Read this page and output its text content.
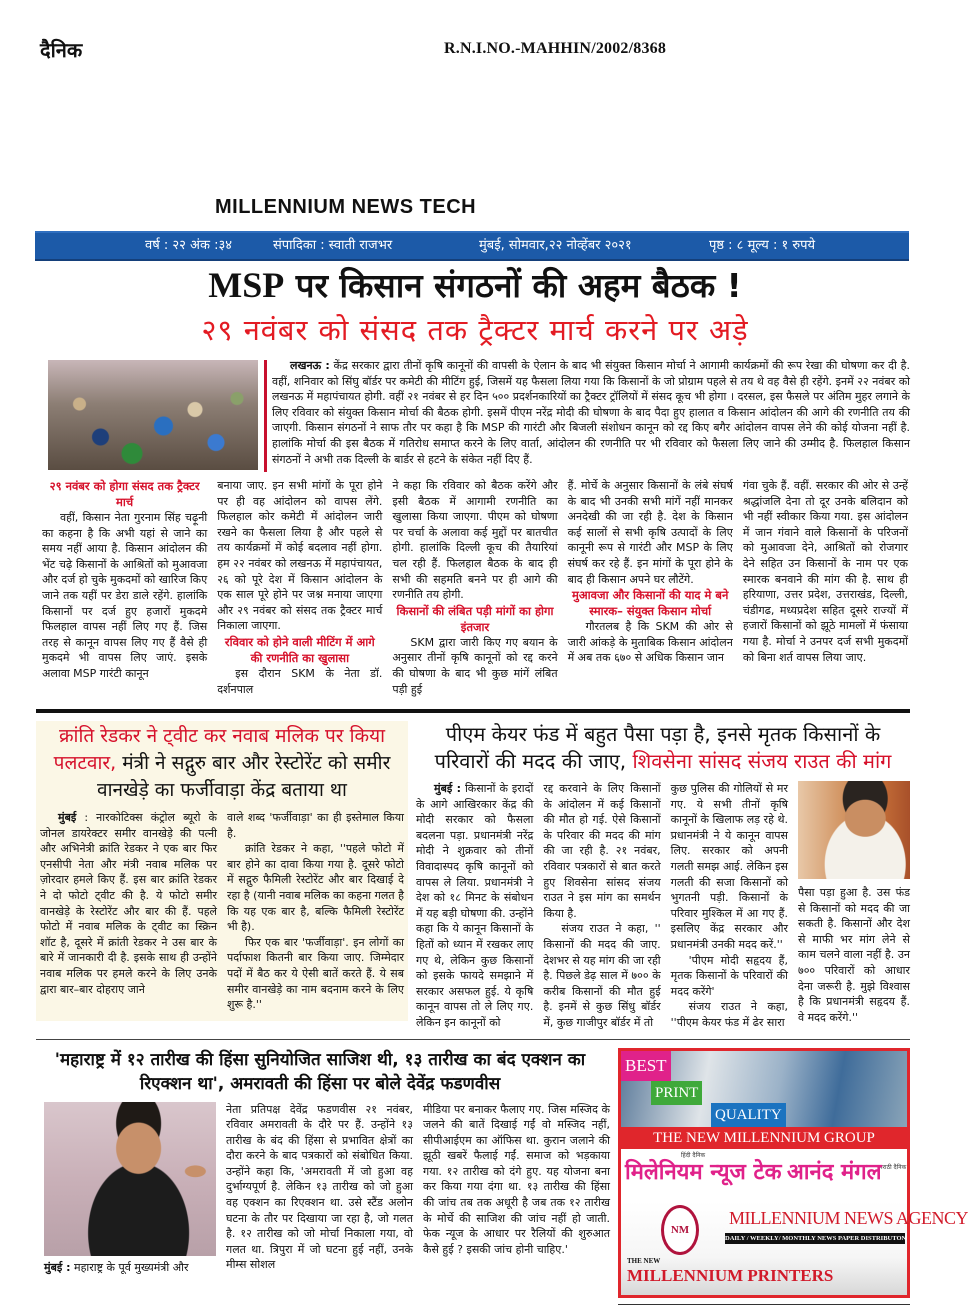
दैनिक	R.N.I.NO.-MAHHIN/2002/8368
MILLENNIUM NEWS TECH
वर्ष : २२ अंक :३४	संपादिका : स्वाती राजभर	मुंबई, सोमवार,२२ नोव्हेंबर २०२१	पृष्ठ : ८ मूल्य : १ रुपये
MSP पर किसान संगठनों की अहम बैठक !
२९ नवंबर को संसद तक ट्रैक्टर मार्च करने पर अड़े
लखनऊ : केंद्र सरकार द्वारा तीनों कृषि कानूनों की वापसी के ऐलान के बाद भी संयुक्त किसान मोर्चा ने आगामी कार्यक्रमों की रूप रेखा की घोषणा कर दी है. वहीं, शनिवार को सिंघु बॉर्डर पर कमेटी की मीटिंग हुई, जिसमें यह फैसला लिया गया कि किसानों के जो प्रोग्राम पहले से तय थे वह वैसे ही रहेंगे. इनमें २२ नवंबर को लखनऊ में महापंचायत होगी. वहीं २१ नवंबर से हर दिन ५०० प्रदर्शनकारियों का ट्रैक्टर ट्रॉलियों में संसद कूच भी होगा । दरसल, इस फैसले पर अंतिम मुहर लगाने के लिए रविवार को संयुक्त किसान मोर्चा की बैठक होगी. इसमें पीएम नरेंद्र मोदी की घोषणा के बाद पैदा हुए हालात व किसान आंदोलन की आगे की रणनीति तय की जाएगी. किसान संगठनों ने साफ तौर पर कहा है कि MSP की गारंटी और बिजली संशोधन कानून को रद्द किए बगैर आंदोलन वापस लेने की कोई योजना नहीं है. हालांकि मोर्चा की इस बैठक में गतिरोध समाप्त करने के लिए वार्ता, आंदोलन की रणनीति पर भी रविवार को फैसला लिए जाने की उम्मीद है. फिलहाल किसान संगठनों ने अभी तक दिल्ली के बार्डर से हटने के संकेत नहीं दिए हैं.
२९ नवंबर को होगा संसद तक ट्रैक्टर मार्च
वहीं, किसान नेता गुरनाम सिंह चढ़ूनी का कहना है कि अभी यहां से जाने का समय नहीं आया है. किसान आंदोलन की भेंट चढ़े किसानों के आश्रितों को मुआवजा और दर्ज हो चुके मुकदमों को खारिज किए जाने तक यहीं पर डेरा डाले रहेंगे. हालांकि किसानों पर दर्ज हुए हजारों मुकदमे फिलहाल वापस नहीं लिए गए हैं. जिस तरह से कानून वापस लिए गए हैं वैसे ही मुकदमे भी वापस लिए जाएं. इसके अलावा MSP गारंटी कानून
बनाया जाए. इन सभी मांगों के पूरा होने पर ही वह आंदोलन को वापस लेंगे. फिलहाल कोर कमेटी में आंदोलन जारी रखने का फैसला लिया है और पहले से तय कार्यक्रमों में कोई बदलाव नहीं होगा. हम २२ नवंबर को लखनऊ में महापंचायत, २६ को पूरे देश में किसान आंदोलन के एक साल पूरे होने पर जश्न मनाया जाएगा और २९ नवंबर को संसद तक ट्रैक्टर मार्च निकाला जाएगा.
रविवार को होने वाली मीटिंग में आगे की रणनीति का खुलासा
इस दौरान SKM के नेता डॉ. दर्शनपाल
ने कहा कि रविवार को बैठक करेंगे और इसी बैठक में आगामी रणनीति का खुलासा किया जाएगा. पीएम को घोषणा पर चर्चा के अलावा कई मुद्दों पर बातचीत होगी. हालांकि दिल्ली कूच की तैयारियां चल रही हैं. फिलहाल बैठक के बाद ही सभी की सहमति बनने पर ही आगे की रणनीति तय होगी.
किसानों की लंबित पड़ी मांगों का होगा इंतजार
SKM द्वारा जारी किए गए बयान के अनुसार तीनों कृषि कानूनों को रद्द करने की घोषणा के बाद भी कुछ मांगें लंबित पड़ी हुई
हैं. मोर्चे के अनुसार किसानों के लंबे संघर्ष के बाद भी उनकी सभी मांगें नहीं मानकर अनदेखी की जा रही है. देश के किसान कई सालों से सभी कृषि उत्पादों के लिए कानूनी रूप से गारंटी और MSP के लिए संघर्ष कर रहे हैं. इन मांगों के पूरा होने के बाद ही किसान अपने घर लौटेंगे.
मुआवजा और किसानों की याद मे बने स्मारक– संयुक्त किसान मोर्चा
गौरतलब है कि SKM की ओर से जारी आंकड़े के मुताबिक किसान आंदोलन में अब तक ६७० से अधिक किसान जान
गंवा चुके हैं. वहीं. सरकार की ओर से उन्हें श्रद्धांजलि देना तो दूर उनके बलिदान को भी नहीं स्वीकार किया गया. इस आंदोलन में जान गंवाने वाले किसानों के परिजनों को मुआवजा देने, आश्रितों को रोजगार देने सहित उन किसानों के नाम पर एक स्मारक बनवाने की मांग की है. साथ ही हरियाणा, उत्तर प्रदेश, उत्तराखंड, दिल्ली, चंडीगढ, मध्यप्रदेश सहित दूसरे राज्यों में हजारों किसानों को झूठे मामलों में फंसाया गया है. मोर्चा ने उनपर दर्ज सभी मुकदमों को बिना शर्त वापस लिया जाए.
क्रांति रेडकर ने ट्वीट कर नवाब मलिक पर किया पलटवार, मंत्री ने सद्गुरु बार और रेस्टोरेंट को समीर वानखेड़े का फर्जीवाड़ा केंद्र बताया था
मुंबई : नारकोटिक्स कंट्रोल ब्यूरो के जोनल डायरेक्टर समीर वानखेड़े की पत्नी और अभिनेत्री क्रांति रेडकर ने एक बार फिर एनसीपी नेता और मंत्री नवाब मलिक पर ज़ोरदार हमले किए हैं. इस बार क्रांति रेडकर ने दो फोटो ट्वीट की है. ये फोटो समीर वानखेड़े के रेस्टोरेंट और बार की हैं. पहले फोटो में नवाब मलिक के ट्वीट का स्क्रिन शॉट है, दूसरे में क्रांती रेडकर ने उस बार के बारे में जानकारी दी है. इसके साथ ही उन्होंने नवाब मलिक पर हमले करने के लिए उनके द्वारा बार–बार दोहराए जाने
वाले शब्द 'फर्जीवाड़ा' का ही इस्तेमाल किया है.
क्रांति रेडकर ने कहा, ''पहले फोटो में बार होने का दावा किया गया है. दूसरे फोटो में सद्गुरु फैमिली रेस्टोरेंट और बार दिखाई दे रहा है (यानी नवाब मलिक का कहना गलत है कि यह एक बार है, बल्कि फैमिली रेस्टोरेंट भी है).
फिर एक बार 'फर्जीवाड़ा'. इन लोगों का पर्दाफाश कितनी बार किया जाए. जिम्मेदार पदों में बैठ कर ये ऐसी बातें करते हैं. ये सब समीर वानखेड़े का नाम बदनाम करने के लिए शुरू है.''
पीएम केयर फंड में बहुत पैसा पड़ा है, इनसे मृतक किसानों के परिवारों की मदद की जाए, शिवसेना सांसद संजय राउत की मांग
मुंबई : किसानों के इरादों के आगे आखिरकार केंद्र की मोदी सरकार को फैसला बदलना पड़ा. प्रधानमंत्री नरेंद्र मोदी ने शुक्रवार को तीनों विवादास्पद कृषि कानूनों को वापस ले लिया. प्रधानमंत्री ने देश को १८ मिनट के संबोधन में यह बड़ी घोषणा की. उन्होंने कहा कि ये कानून किसानों के हितों को ध्यान में रखकर लाए गए थे, लेकिन कुछ किसानों को इसके फायदे समझाने में सरकार असफल हुई. ये कृषि कानून वापस तो ले लिए गए. लेकिन इन कानूनों को
रद्द करवाने के लिए किसानों के आंदोलन में कई किसानों की मौत हो गई. ऐसे किसानों के परिवार की मदद की मांग की जा रही है. २१ नवंबर, रविवार पत्रकारों से बात करते हुए शिवसेना सांसद संजय राउत ने इस मांग का समर्थन किया है.
संजय राउत ने कहा, '' किसानों की मदद की जाए. देशभर से यह मांग की जा रही है. पिछले डेढ़ साल में ७०० के करीब किसानों की मौत हुई है. इनमें से कुछ सिंधु बॉर्डर में, कुछ गाजीपुर बॉर्डर में तो
कुछ पुलिस की गोलियों से मर गए. ये सभी तीनों कृषि कानूनों के खिलाफ लड़ रहे थे. प्रधानमंत्री ने ये कानून वापस लिए. सरकार को अपनी गलती समझ आई. लेकिन इस गलती की सजा किसानों को भुगतनी पड़ी. किसानों के परिवार मुश्किल में आ गए हैं. इसलिए केंद्र सरकार और प्रधानमंत्री उनकी मदद करें.''
'पीएम मोदी सहृदय हैं, मृतक किसानों के परिवारों की मदद करेंगे'
संजय राउत ने कहा, ''पीएम केयर फंड में ढेर सारा
पैसा पड़ा हुआ है. उस फंड से किसानों को मदद की जा सकती है. किसानों और देश से माफी भर मांग लेने से काम चलने वाला नहीं है. उन ७०० परिवारों को आधार देना जरूरी है. मुझे विश्वास है कि प्रधानमंत्री सहृदय हैं. वे मदद करेंगे.''
'महाराष्ट्र में १२ तारीख की हिंसा सुनियोजित साजिश थी, १३ तारीख का बंद एक्शन का रिएक्शन था', अमरावती की हिंसा पर बोले देवेंद्र फडणवीस
मुंबई : महाराष्ट्र के पूर्व मुख्यमंत्री और
नेता प्रतिपक्ष देवेंद्र फडणवीस २१ नवंबर, रविवार अमरावती के दौरे पर हैं. उन्होंने १३ तारीख के बंद की हिंसा से प्रभावित क्षेत्रों का दौरा करने के बाद पत्रकारों को संबोधित किया. उन्होंने कहा कि, 'अमरावती में जो हुआ वह दुर्भाग्यपूर्ण है. लेकिन १३ तारीख को जो हुआ वह एक्शन का रिएक्शन था. उसे स्टैंड अलोन घटना के तौर पर दिखाया जा रहा है, जो गलत है. १२ तारीख को जो मोर्चा निकाला गया, वो गलत था. त्रिपुरा में जो घटना हुई नहीं, उनके मीम्स सोशल
मीडिया पर बनाकर फैलाए गए. जिस मस्जिद के जलने की बातें दिखाई गईं वो मस्जिद नहीं, सीपीआईएम का ऑफिस था. कुरान जलाने की झूठी खबरें फैलाई गईं. समाज को भड़काया गया. १२ तारीख को दंगे हुए. यह योजना बना कर किया गया दंगा था. १३ तारीख की हिंसा की जांच तब तक अधूरी है जब तक १२ तारीख के मोर्चे की साजिश की जांच नहीं हो जाती. फेक न्यूज के आधार पर रैलियों की शुरुआत कैसे हुई ? इसकी जांच होनी चाहिए.'
BEST
PRINT
QUALITY
THE NEW MILLENNIUM GROUP
हिंदी दैनिक
मिलेनियम न्यूज टेक	मराठी दैनिक
आनंद मंगल
NM
MILLENNIUM NEWS AGENCY
DAILY / WEEKLY/ MONTHLY NEWS PAPER DISTRIBUTON
THE NEW
MILLENNIUM PRINTERS
